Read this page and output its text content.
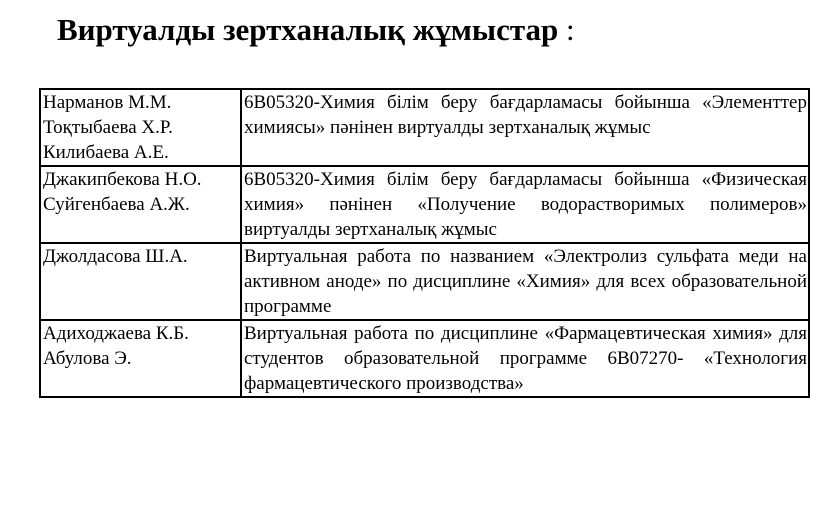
Виртуалды зертханалық жұмыстар :
Нарманов М.М.
Тоқтыбаева Х.Р.
Килибаева А.Е.	6В05320-Химия білім беру бағдарламасы бойынша «Элементтер химиясы» пәнінен виртуалды зертханалық жұмыс

Джакипбекова Н.О.
Суйгенбаева А.Ж.	6В05320-Химия білім беру бағдарламасы бойынша «Физическая химия» пәнінен «Получение водорастворимых полимеров» виртуалды зертханалық жұмыс

Джолдасова Ш.А.	Виртуальная работа по названием «Электролиз сульфата меди на активном аноде» по дисциплине «Химия» для всех образовательной программе

Адиходжаева К.Б.
Абулова Э.	Виртуальная работа по дисциплине «Фармацевтическая химия» для студентов образовательной программе 6В07270- «Технология фармацевтического производства»
